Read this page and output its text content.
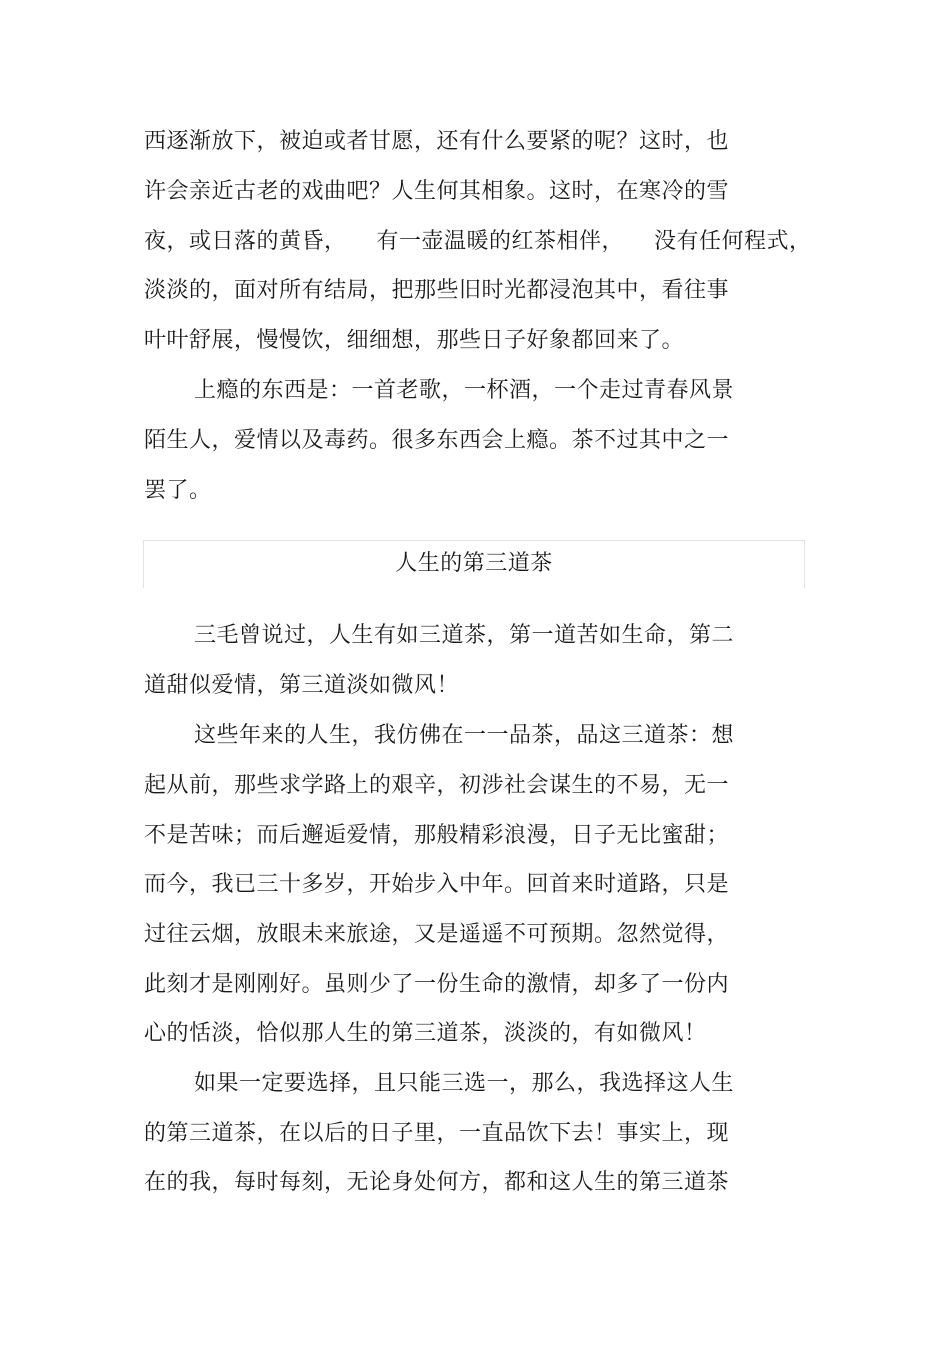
西逐渐放下，被迫或者甘愿，还有什么要紧的呢？这时，也
许会亲近古老的戏曲吧？人生何其相象。这时，在寒冷的雪
夜，或日落的黄昏，    有一壶温暖的红茶相伴，    没有任何程式，
淡淡的，面对所有结局，把那些旧时光都浸泡其中，看往事
叶叶舒展，慢慢饮，细细想，那些日子好象都回来了。
上瘾的东西是：一首老歌，一杯酒，一个走过青春风景
陌生人，爱情以及毒药。很多东西会上瘾。茶不过其中之一
罢了。
人生的第三道茶
三毛曾说过，人生有如三道茶，第一道苦如生命，第二
道甜似爱情，第三道淡如微风！
这些年来的人生，我仿佛在一一品茶，品这三道茶：想
起从前，那些求学路上的艰辛，初涉社会谋生的不易，无一
不是苦味；而后邂逅爱情，那般精彩浪漫，日子无比蜜甜；
而今，我已三十多岁，开始步入中年。回首来时道路，只是
过往云烟，放眼未来旅途，又是遥遥不可预期。忽然觉得，
此刻才是刚刚好。虽则少了一份生命的激情，却多了一份内
心的恬淡，恰似那人生的第三道茶，淡淡的，有如微风！
如果一定要选择，且只能三选一，那么，我选择这人生
的第三道茶，在以后的日子里，一直品饮下去！事实上，现
在的我，每时每刻，无论身处何方，都和这人生的第三道茶
